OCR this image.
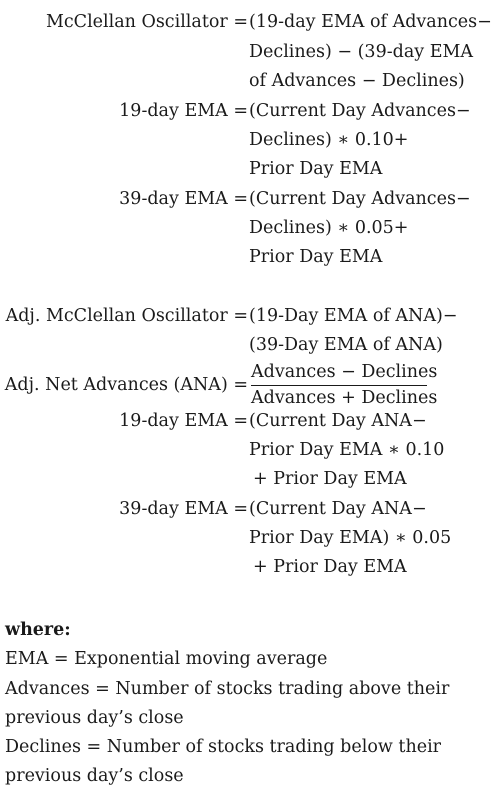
McClellan Oscillator = (19-day EMA of Advances−
Declines) − (39-day EMA
of Advances − Declines)
19-day EMA = (Current Day Advances−
Declines) ∗ 0.10+
Prior Day EMA
39-day EMA = (Current Day Advances−
Declines) ∗ 0.05+
Prior Day EMA
Adj. McClellan Oscillator = (19-Day EMA of ANA)−
(39-Day EMA of ANA)
Adj. Net Advances (ANA) =
Advances − Declines
Advances + Declines
19-day EMA = (Current Day ANA−
Prior Day EMA ∗ 0.10
+ Prior Day EMA
39-day EMA = (Current Day ANA−
Prior Day EMA) ∗ 0.05
+ Prior Day EMA
where:
EMA = Exponential moving average
Advances = Number of stocks trading above their
previous day’s close
Declines = Number of stocks trading below their
previous day’s close
